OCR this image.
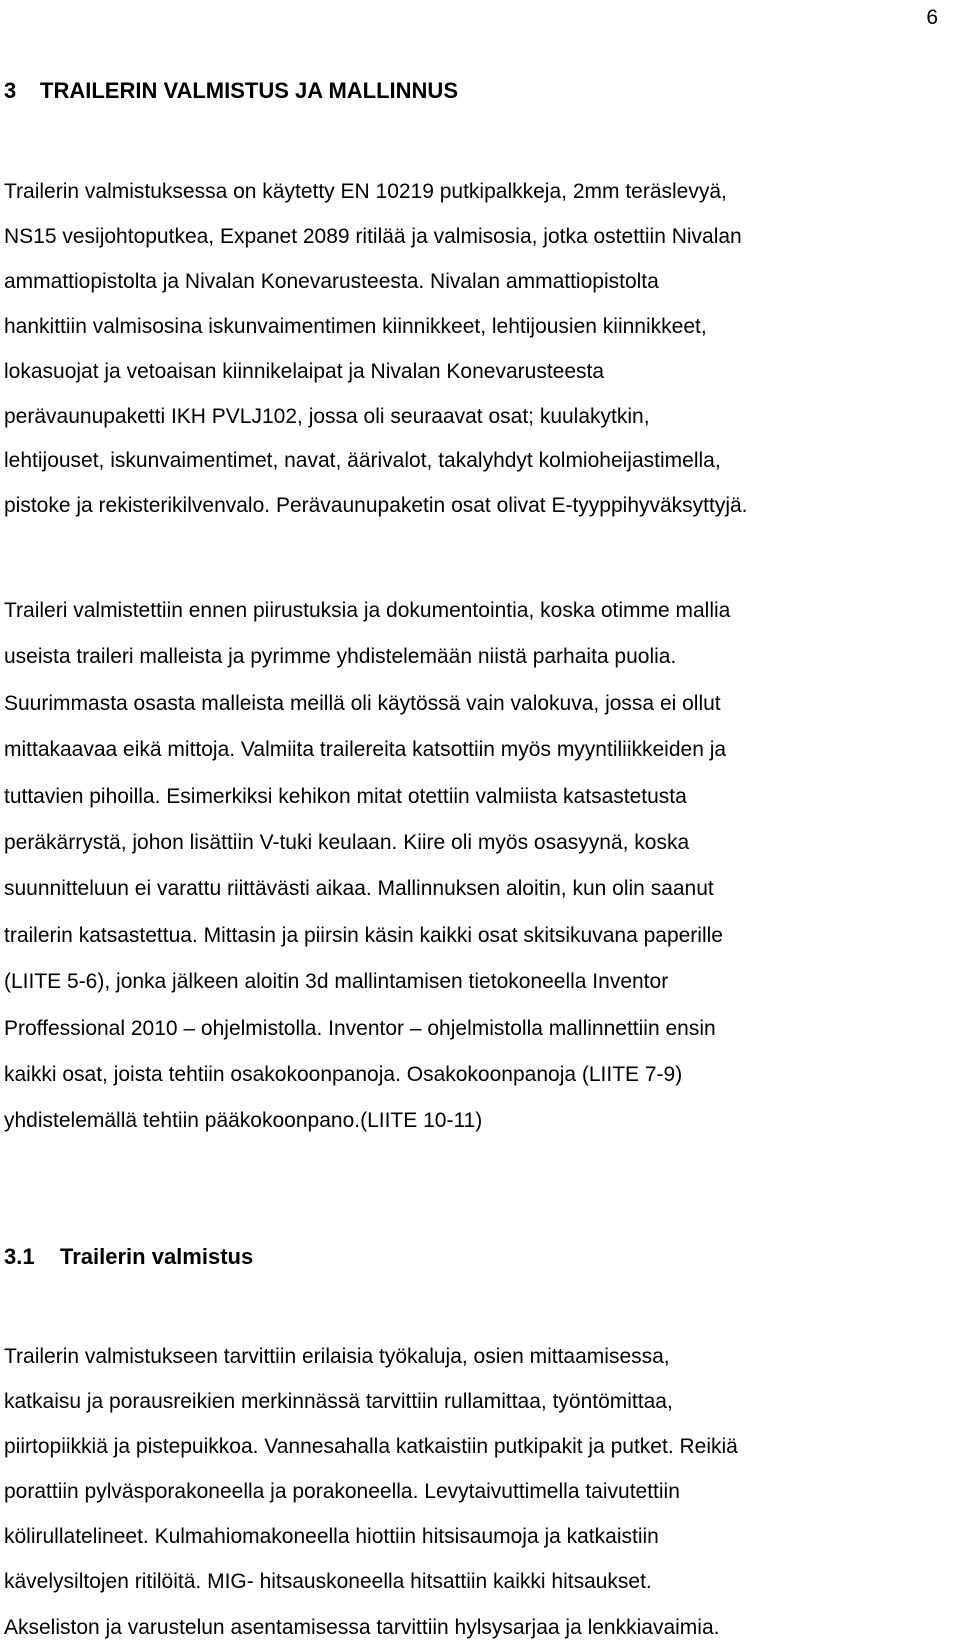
6
3 TRAILERIN VALMISTUS JA MALLINNUS

Trailerin valmistuksessa on käytetty EN 10219 putkipalkkeja, 2mm teräslevyä,
NS15 vesijohtoputkea, Expanet 2089 ritilää ja valmisosia, jotka ostettiin Nivalan
ammattiopistolta ja Nivalan Konevarusteesta. Nivalan ammattiopistolta
hankittiin valmisosina iskunvaimentimen kiinnikkeet, lehtijousien kiinnikkeet,
lokasuojat ja vetoaisan kiinnikelaipat ja Nivalan Konevarusteesta
perävaunupaketti IKH PVLJ102, jossa oli seuraavat osat; kuulakytkin,
lehtijouset, iskunvaimentimet, navat, äärivalot, takalyhdyt kolmioheijastimella,
pistoke ja rekisterikilvenvalo. Perävaunupaketin osat olivat E-tyyppihyväksyttyjä.

Traileri valmistettiin ennen piirustuksia ja dokumentointia, koska otimme mallia
useista traileri malleista ja pyrimme yhdistelemään niistä parhaita puolia.
Suurimmasta osasta malleista meillä oli käytössä vain valokuva, jossa ei ollut
mittakaavaa eikä mittoja. Valmiita trailereita katsottiin myös myyntiliikkeiden ja
tuttavien pihoilla. Esimerkiksi kehikon mitat otettiin valmiista katsastetusta
peräkärrystä, johon lisättiin V-tuki keulaan. Kiire oli myös osasyynä, koska
suunnitteluun ei varattu riittävästi aikaa. Mallinnuksen aloitin, kun olin saanut
trailerin katsastettua. Mittasin ja piirsin käsin kaikki osat skitsikuvana paperille
(LIITE 5-6), jonka jälkeen aloitin 3d mallintamisen tietokoneella Inventor
Proffessional 2010 – ohjelmistolla. Inventor – ohjelmistolla mallinnettiin ensin
kaikki osat, joista tehtiin osakokoonpanoja. Osakokoonpanoja (LIITE 7-9)
yhdistelemällä tehtiin pääkokoonpano.(LIITE 10-11)

3.1 Trailerin valmistus

Trailerin valmistukseen tarvittiin erilaisia työkaluja, osien mittaamisessa,
katkaisu ja porausreikien merkinnässä tarvittiin rullamittaa, työntömittaa,
piirtopiikkiä ja pistepuikkoa. Vannesahalla katkaistiin putkipakit ja putket. Reikiä
porattiin pylväsporakoneella ja porakoneella. Levytaivuttimella taivutettiin
kölirullatelineet. Kulmahiomakoneella hiottiin hitsisaumoja ja katkaistiin
kävelysiltojen ritilöitä. MIG- hitsauskoneella hitsattiin kaikki hitsaukset.
Akseliston ja varustelun asentamisessa tarvittiin hylsysarjaa ja lenkkiavaimia.
